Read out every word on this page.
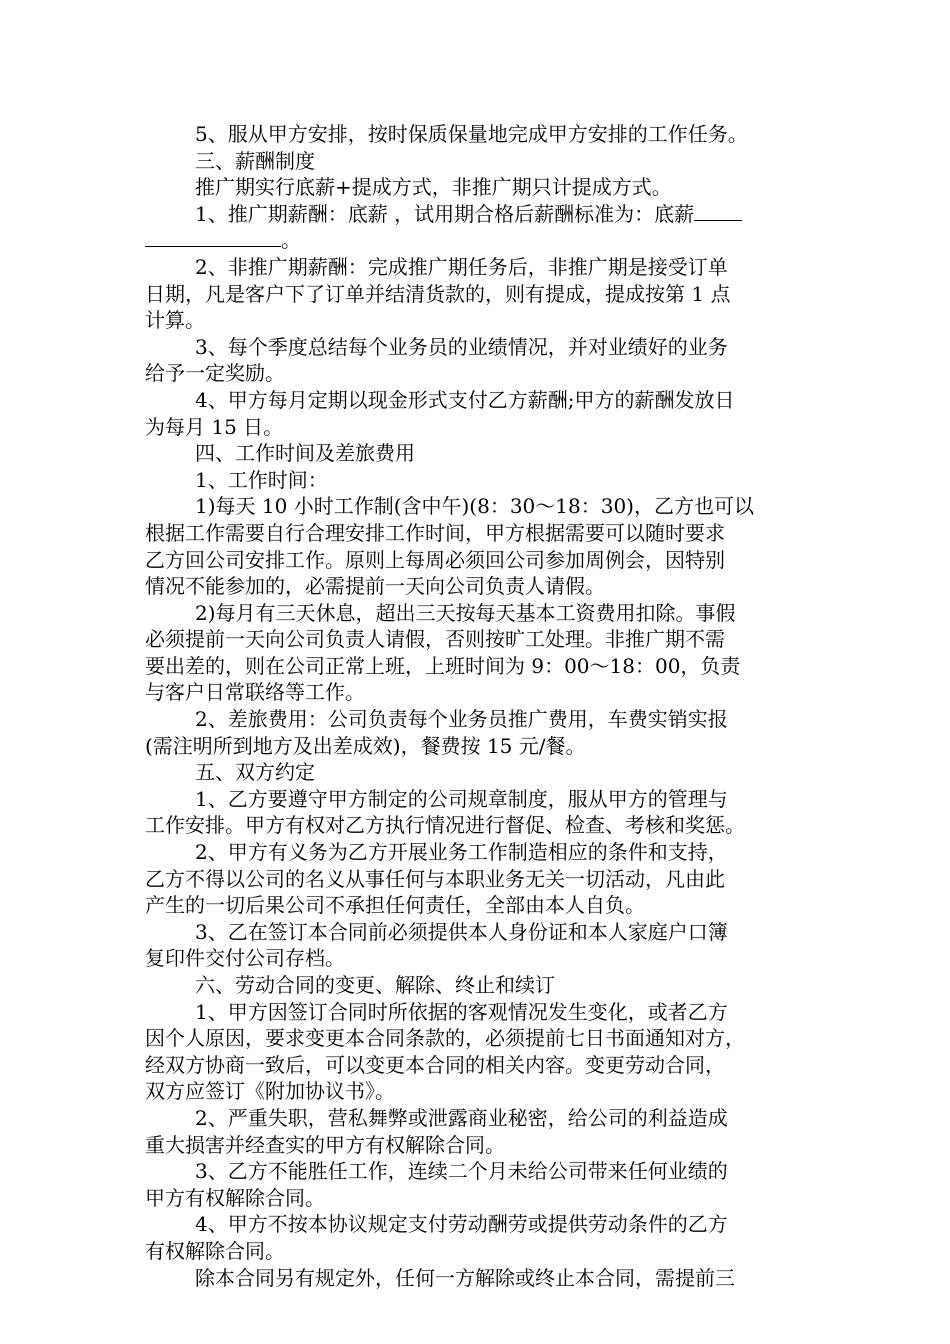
5、服从甲方安排，按时保质保量地完成甲方安排的工作任务。
三、薪酬制度
推广期实行底薪+提成方式，非推广期只计提成方式。
1、推广期薪酬：底薪 ，试用期合格后薪酬标准为：底薪
。
2、非推广期薪酬：完成推广期任务后，非推广期是接受订单
日期，凡是客户下了订单并结清货款的，则有提成，提成按第 1 点
计算。
3、每个季度总结每个业务员的业绩情况，并对业绩好的业务
给予一定奖励。
4、甲方每月定期以现金形式支付乙方薪酬;甲方的薪酬发放日
为每月 15 日。
四、工作时间及差旅费用
1、工作时间：
1)每天 10 小时工作制(含中午)(8：30～18：30)，乙方也可以
根据工作需要自行合理安排工作时间，甲方根据需要可以随时要求
乙方回公司安排工作。原则上每周必须回公司参加周例会，因特别
情况不能参加的，必需提前一天向公司负责人请假。
2)每月有三天休息，超出三天按每天基本工资费用扣除。事假
必须提前一天向公司负责人请假，否则按旷工处理。非推广期不需
要出差的，则在公司正常上班，上班时间为 9：00～18：00，负责
与客户日常联络等工作。
2、差旅费用：公司负责每个业务员推广费用，车费实销实报
(需注明所到地方及出差成效)，餐费按 15 元/餐。
五、双方约定
1、乙方要遵守甲方制定的公司规章制度，服从甲方的管理与
工作安排。甲方有权对乙方执行情况进行督促、检查、考核和奖惩。
2、甲方有义务为乙方开展业务工作制造相应的条件和支持，
乙方不得以公司的名义从事任何与本职业务无关一切活动，凡由此
产生的一切后果公司不承担任何责任，全部由本人自负。
3、乙在签订本合同前必须提供本人身份证和本人家庭户口簿
复印件交付公司存档。
六、劳动合同的变更、解除、终止和续订
1、甲方因签订合同时所依据的客观情况发生变化，或者乙方
因个人原因，要求变更本合同条款的，必须提前七日书面通知对方，
经双方协商一致后，可以变更本合同的相关内容。变更劳动合同，
双方应签订《附加协议书》。
2、严重失职，营私舞弊或泄露商业秘密，给公司的利益造成
重大损害并经查实的甲方有权解除合同。
3、乙方不能胜任工作，连续二个月未给公司带来任何业绩的
甲方有权解除合同。
4、甲方不按本协议规定支付劳动酬劳或提供劳动条件的乙方
有权解除合同。
除本合同另有规定外，任何一方解除或终止本合同，需提前三
